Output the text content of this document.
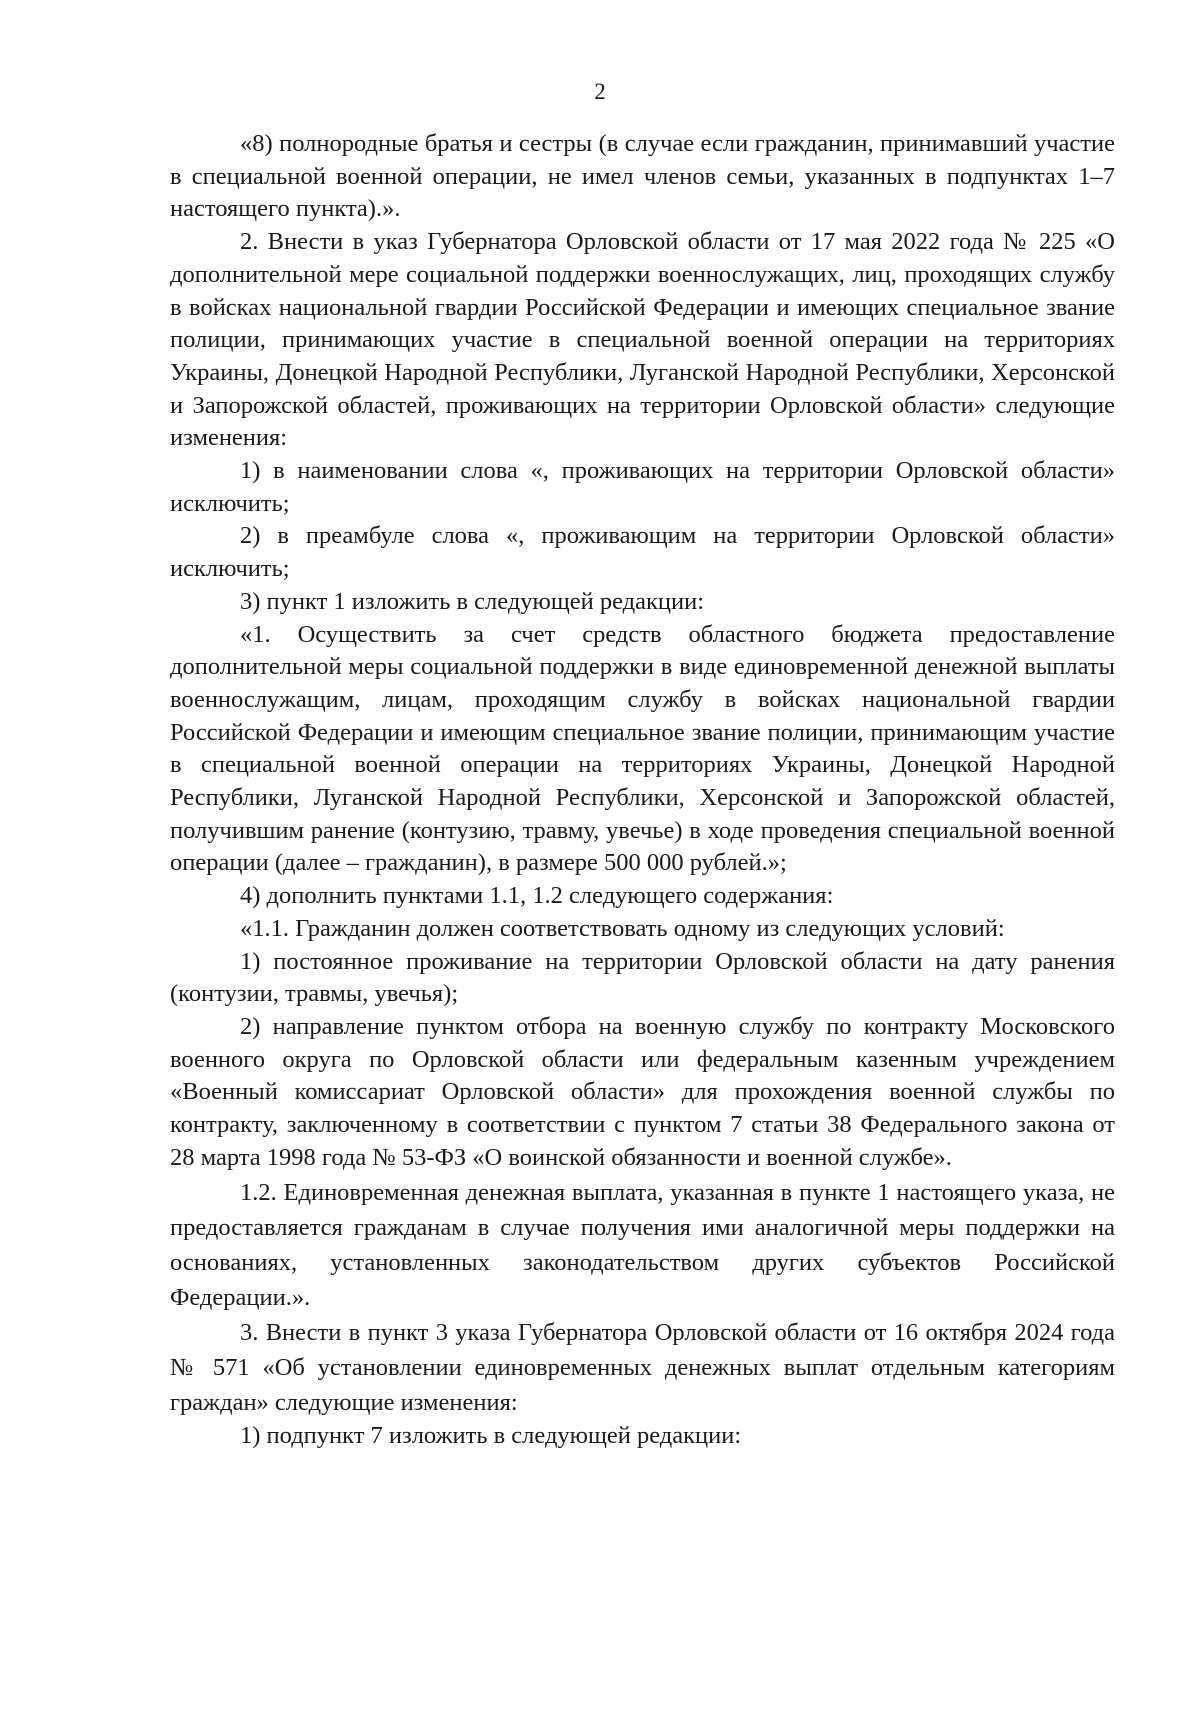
2

«8) полнородные братья и сестры (в случае если гражданин, принимавший участие в специальной военной операции, не имел членов семьи, указанных в подпунктах 1–7 настоящего пункта).».

2. Внести в указ Губернатора Орловской области от 17 мая 2022 года № 225 «О дополнительной мере социальной поддержки военнослужащих, лиц, проходящих службу в войсках национальной гвардии Российской Федерации и имеющих специальное звание полиции, принимающих участие в специальной военной операции на территориях Украины, Донецкой Народной Республики, Луганской Народной Республики, Херсонской и Запорожской областей, проживающих на территории Орловской области» следующие изменения:

1) в наименовании слова «, проживающих на территории Орловской области» исключить;

2) в преамбуле слова «, проживающим на территории Орловской области» исключить;

3) пункт 1 изложить в следующей редакции:

«1. Осуществить за счет средств областного бюджета предоставление дополнительной меры социальной поддержки в виде единовременной денежной выплаты военнослужащим, лицам, проходящим службу в войсках национальной гвардии Российской Федерации и имеющим специальное звание полиции, принимающим участие в специальной военной операции на территориях Украины, Донецкой Народной Республики, Луганской Народной Республики, Херсонской и Запорожской областей, получившим ранение (контузию, травму, увечье) в ходе проведения специальной военной операции (далее – гражданин), в размере 500 000 рублей.»;

4) дополнить пунктами 1.1, 1.2 следующего содержания:

«1.1. Гражданин должен соответствовать одному из следующих условий:

1) постоянное проживание на территории Орловской области на дату ранения (контузии, травмы, увечья);

2) направление пунктом отбора на военную службу по контракту Московского военного округа по Орловской области или федеральным казенным учреждением «Военный комиссариат Орловской области» для прохождения военной службы по контракту, заключенному в соответствии с пунктом 7 статьи 38 Федерального закона от 28 марта 1998 года № 53-ФЗ «О воинской обязанности и военной службе».

1.2. Единовременная денежная выплата, указанная в пункте 1 настоящего указа, не предоставляется гражданам в случае получения ими аналогичной меры поддержки на основаниях, установленных законодательством других субъектов Российской Федерации.».

3. Внести в пункт 3 указа Губернатора Орловской области от 16 октября 2024 года № 571 «Об установлении единовременных денежных выплат отдельным категориям граждан» следующие изменения:

1) подпункт 7 изложить в следующей редакции:
